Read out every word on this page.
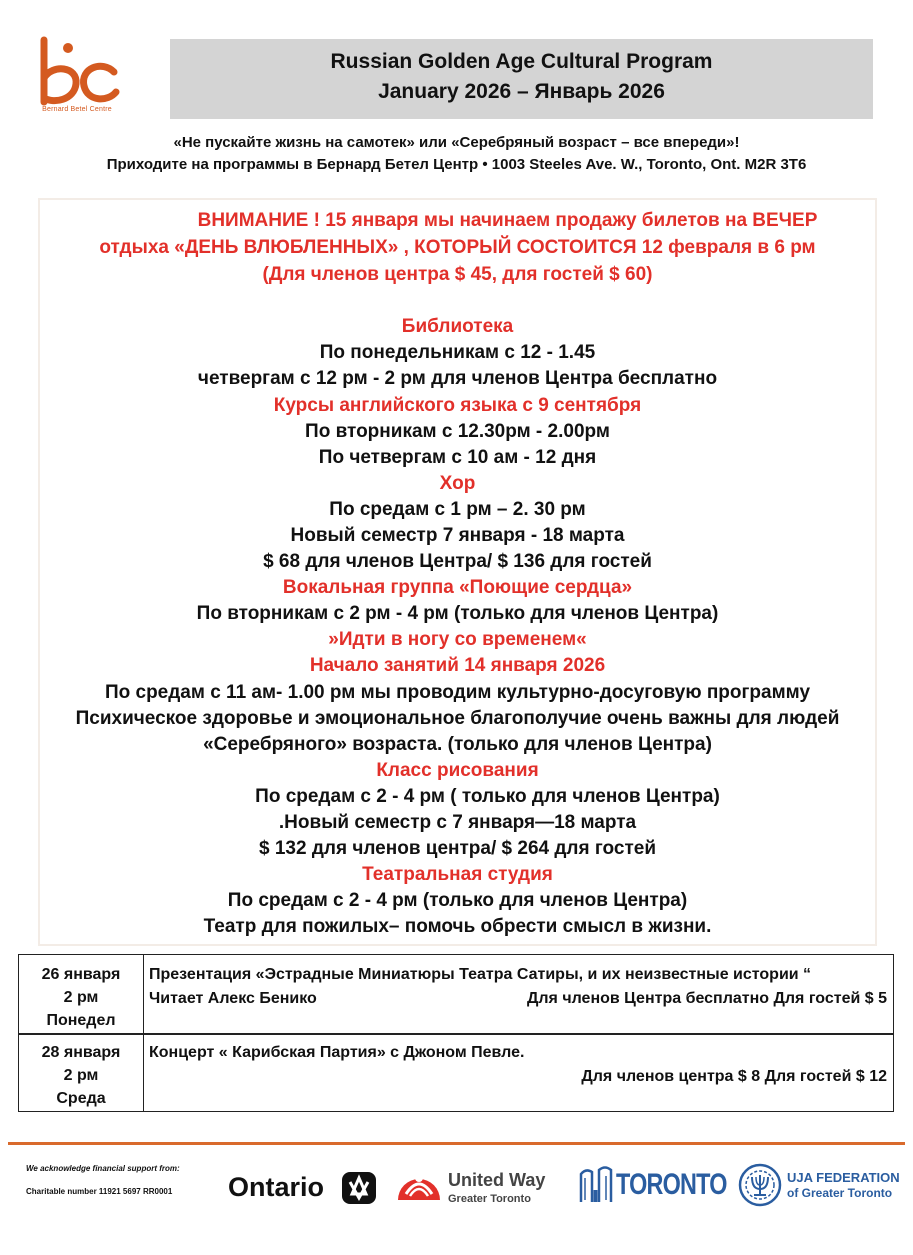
Bernard Betel Centre
Russian Golden Age Cultural Program
January 2026 – Январь 2026
«Не пускайте жизнь на самотек» или «Серебряный возраст – все впереди»!
Приходите на программы в Бернард Бетел Центр • 1003 Steeles Ave. W., Toronto, Ont. M2R 3T6
ВНИМАНИЕ ! 15 января мы начинаем продажу билетов на ВЕЧЕР
отдыха «ДЕНЬ ВЛЮБЛЕННЫХ» , КОТОРЫЙ СОСТОИТСЯ 12 февраля в 6 рм
(Для членов центра $ 45, для гостей $ 60)
Библиотека
По понедельникам с 12 - 1.45
четвергам с 12 рм - 2 рм для членов Центра бесплатно
Курсы английского языка с 9 сентября
По вторникам с 12.30рм - 2.00рм
По четвергам с 10 ам - 12 дня
Хор
По средам с 1 рм – 2. 30 рм
Новый семестр 7 января - 18 марта
$ 68 для членов Центра/ $ 136 для гостей
Вокальная группа «Поющие сердца»
По вторникам с 2 рм - 4 рм (только для членов Центра)
»Идти в ногу со временем«
Начало занятий 14 января 2026
По средам с 11 ам- 1.00 рм мы проводим культурно-досуговую программу
Психическое здоровье и эмоциональное благополучие очень важны для людей
«Серебряного» возраста. (только для членов Центра)
Класс рисования
По средам с 2 - 4 рм ( только для членов Центра)
.Новый семестр с 7 января—18 марта
$ 132 для членов центра/ $ 264 для гостей
Театральная студия
По средам с 2 - 4 рм (только для членов Центра)
Театр для пожилых– помочь обрести смысл в жизни.
26 января
2 рм
Понедел
Презентация «Эстрадные Миниатюры Театра Сатиры, и их неизвестные истории “
Читает Алекс Бенико	Для членов Центра бесплатно Для гостей $ 5
28 января
2 рм
Среда
Концерт « Карибская Партия» с Джоном Певле.
Для членов центра $ 8 Для гостей $ 12
We acknowledge financial support from:
Charitable number 11921 5697 RR0001 Ontario	United Way
Greater Toronto	TORONTO	UJA FEDERATION
of Greater Toronto
